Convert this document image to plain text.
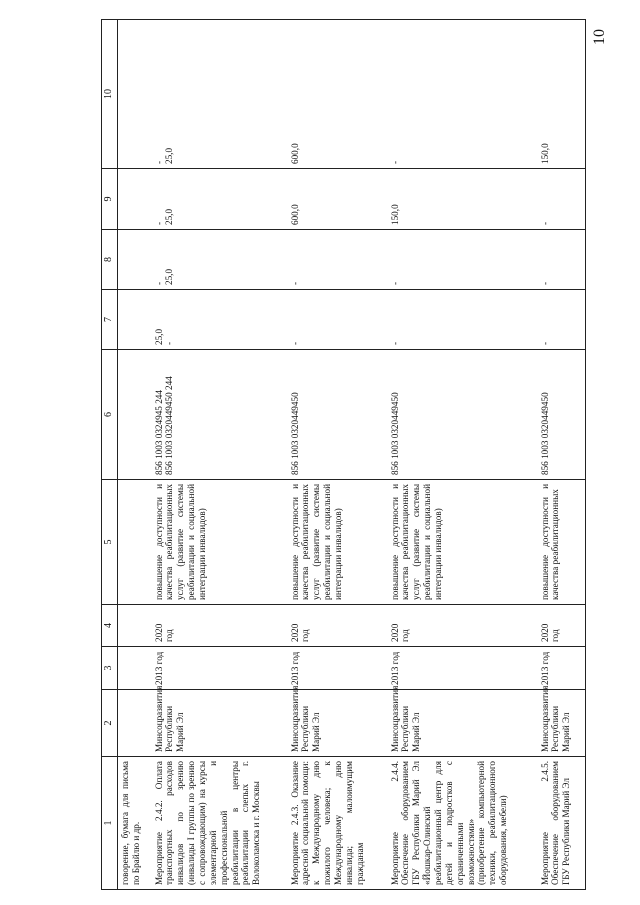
10
1	2	3	4	5	6	7	8	9	10
говорение, бумага для письма по Брайлю и др.					

Мероприятие 2.4.2. Оплата транспортных расходов инвалидов по зрению (инвалиды I группы по зрению с сопровождающим) на курсы элементарной и профессиональной реабилитации в центры реабилитации слепых г. Волоколамска и г. Москвы	Минсоцразвития Республики Марий Эл	2013 год	2020 год	повышение доступности и качества реабилитационных услуг (развитие системы реабилитации и социальной интеграции инвалидов)	856 1003 0324945 244 856 1003 0320449450 244	25,0 -	- 25,0	- 25,0	- 25,0

Мероприятие 2.4.3. Оказание адресной социальной помощи: к Международному дню пожилого человека; к Международному дню инвалида; малоимущим гражданам	Минсоцразвития Республики Марий Эл	2013 год	2020 год	повышение доступности и качества реабилитационных услуг (развитие системы реабилитации и социальной интеграции инвалидов)	856 1003 0320449450	-	-	600,0	600,0

Мероприятие 2.4.4. Обеспечение оборудованием ГБУ Республики Марий Эл «Йошкар-Олинский реабилитационный центр для детей и подростков с ограниченными возможностями» (приобретение компьютерной техники, реабилитационного оборудования, мебели)	Минсоцразвития Республики Марий Эл	2013 год	2020 год	повышение доступности и качества реабилитационных услуг (развитие системы реабилитации и социальной интеграции инвалидов)	856 1003 0320449450	-	-	150,0	-

Мероприятие 2.4.5. Обеспечение оборудованием ГБУ Республики Марий Эл	Минсоцразвития Республики Марий Эл	2013 год	2020 год	повышение доступности и качества реабилитационных	856 1003 0320449450	-	-	-	150,0
